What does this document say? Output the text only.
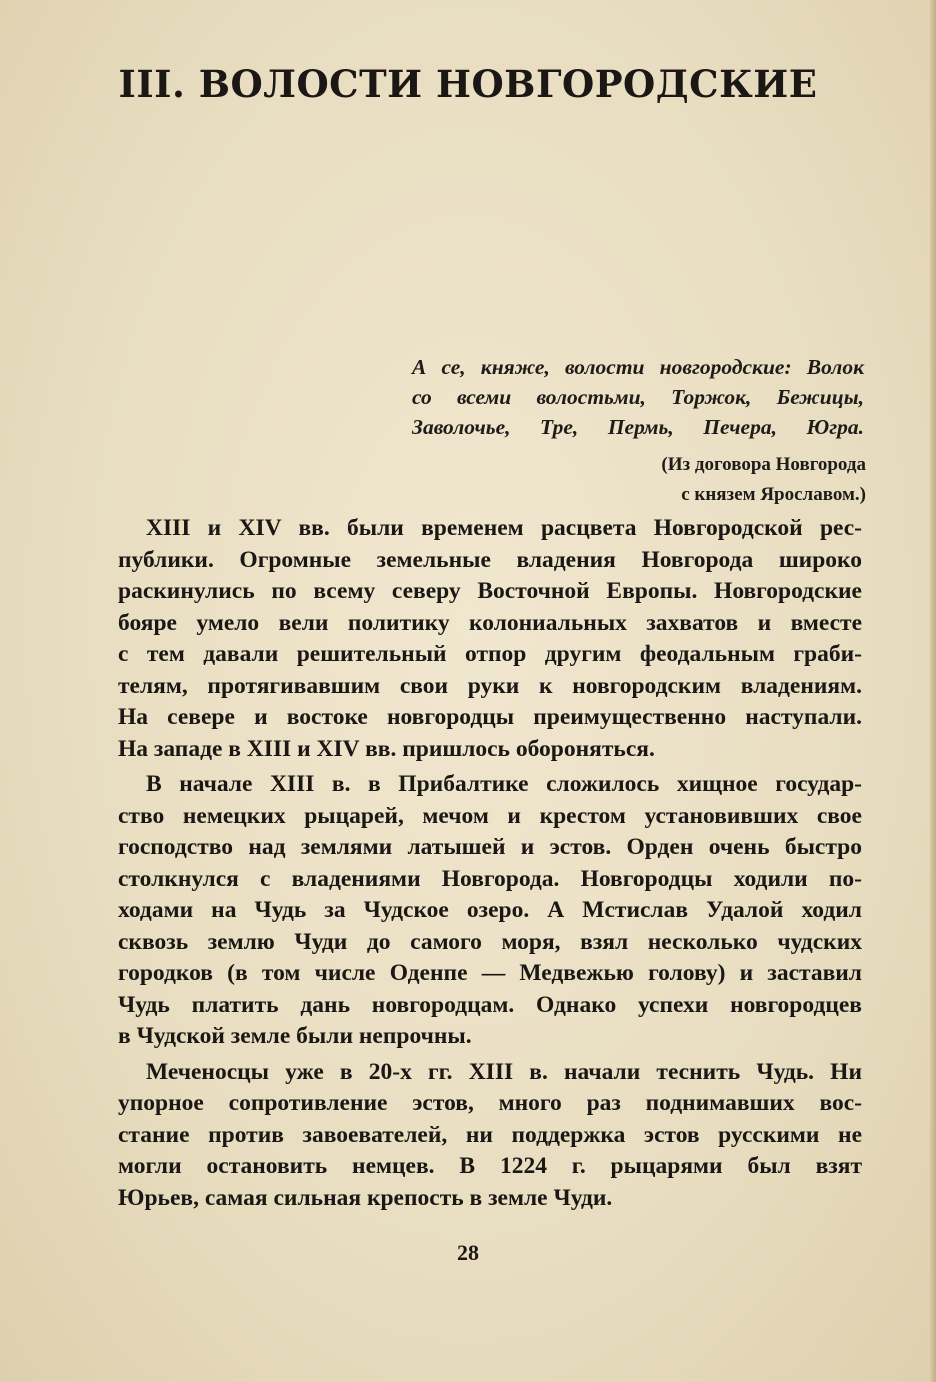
III. ВОЛОСТИ НОВГОРОДСКИЕ
А се, княже, волости новгородские: Волок
со всеми волостьми, Торжок, Бежицы,
Заволочье, Тре, Пермь, Печера, Югра.
(Из договора Новгорода
с князем Ярославом.)
XIII и XIV вв. были временем расцвета Новгородской рес-
публики. Огромные земельные владения Новгорода широко
раскинулись по всему северу Восточной Европы. Новгородские
бояре умело вели политику колониальных захватов и вместе
с тем давали решительный отпор другим феодальным граби-
телям, протягивавшим свои руки к новгородским владениям.
На севере и востоке новгородцы преимущественно наступали.
На западе в XIII и XIV вв. пришлось обороняться.
В начале XIII в. в Прибалтике сложилось хищное государ-
ство немецких рыцарей, мечом и крестом установивших свое
господство над землями латышей и эстов. Орден очень быстро
столкнулся с владениями Новгорода. Новгородцы ходили по-
ходами на Чудь за Чудское озеро. А Мстислав Удалой ходил
сквозь землю Чуди до самого моря, взял несколько чудских
городков (в том числе Оденпе — Медвежью голову) и заставил
Чудь платить дань новгородцам. Однако успехи новгородцев
в Чудской земле были непрочны.
Меченосцы уже в 20-х гг. XIII в. начали теснить Чудь. Ни
упорное сопротивление эстов, много раз поднимавших вос-
стание против завоевателей, ни поддержка эстов русскими не
могли остановить немцев. В 1224 г. рыцарями был взят
Юрьев, самая сильная крепость в земле Чуди.
28
